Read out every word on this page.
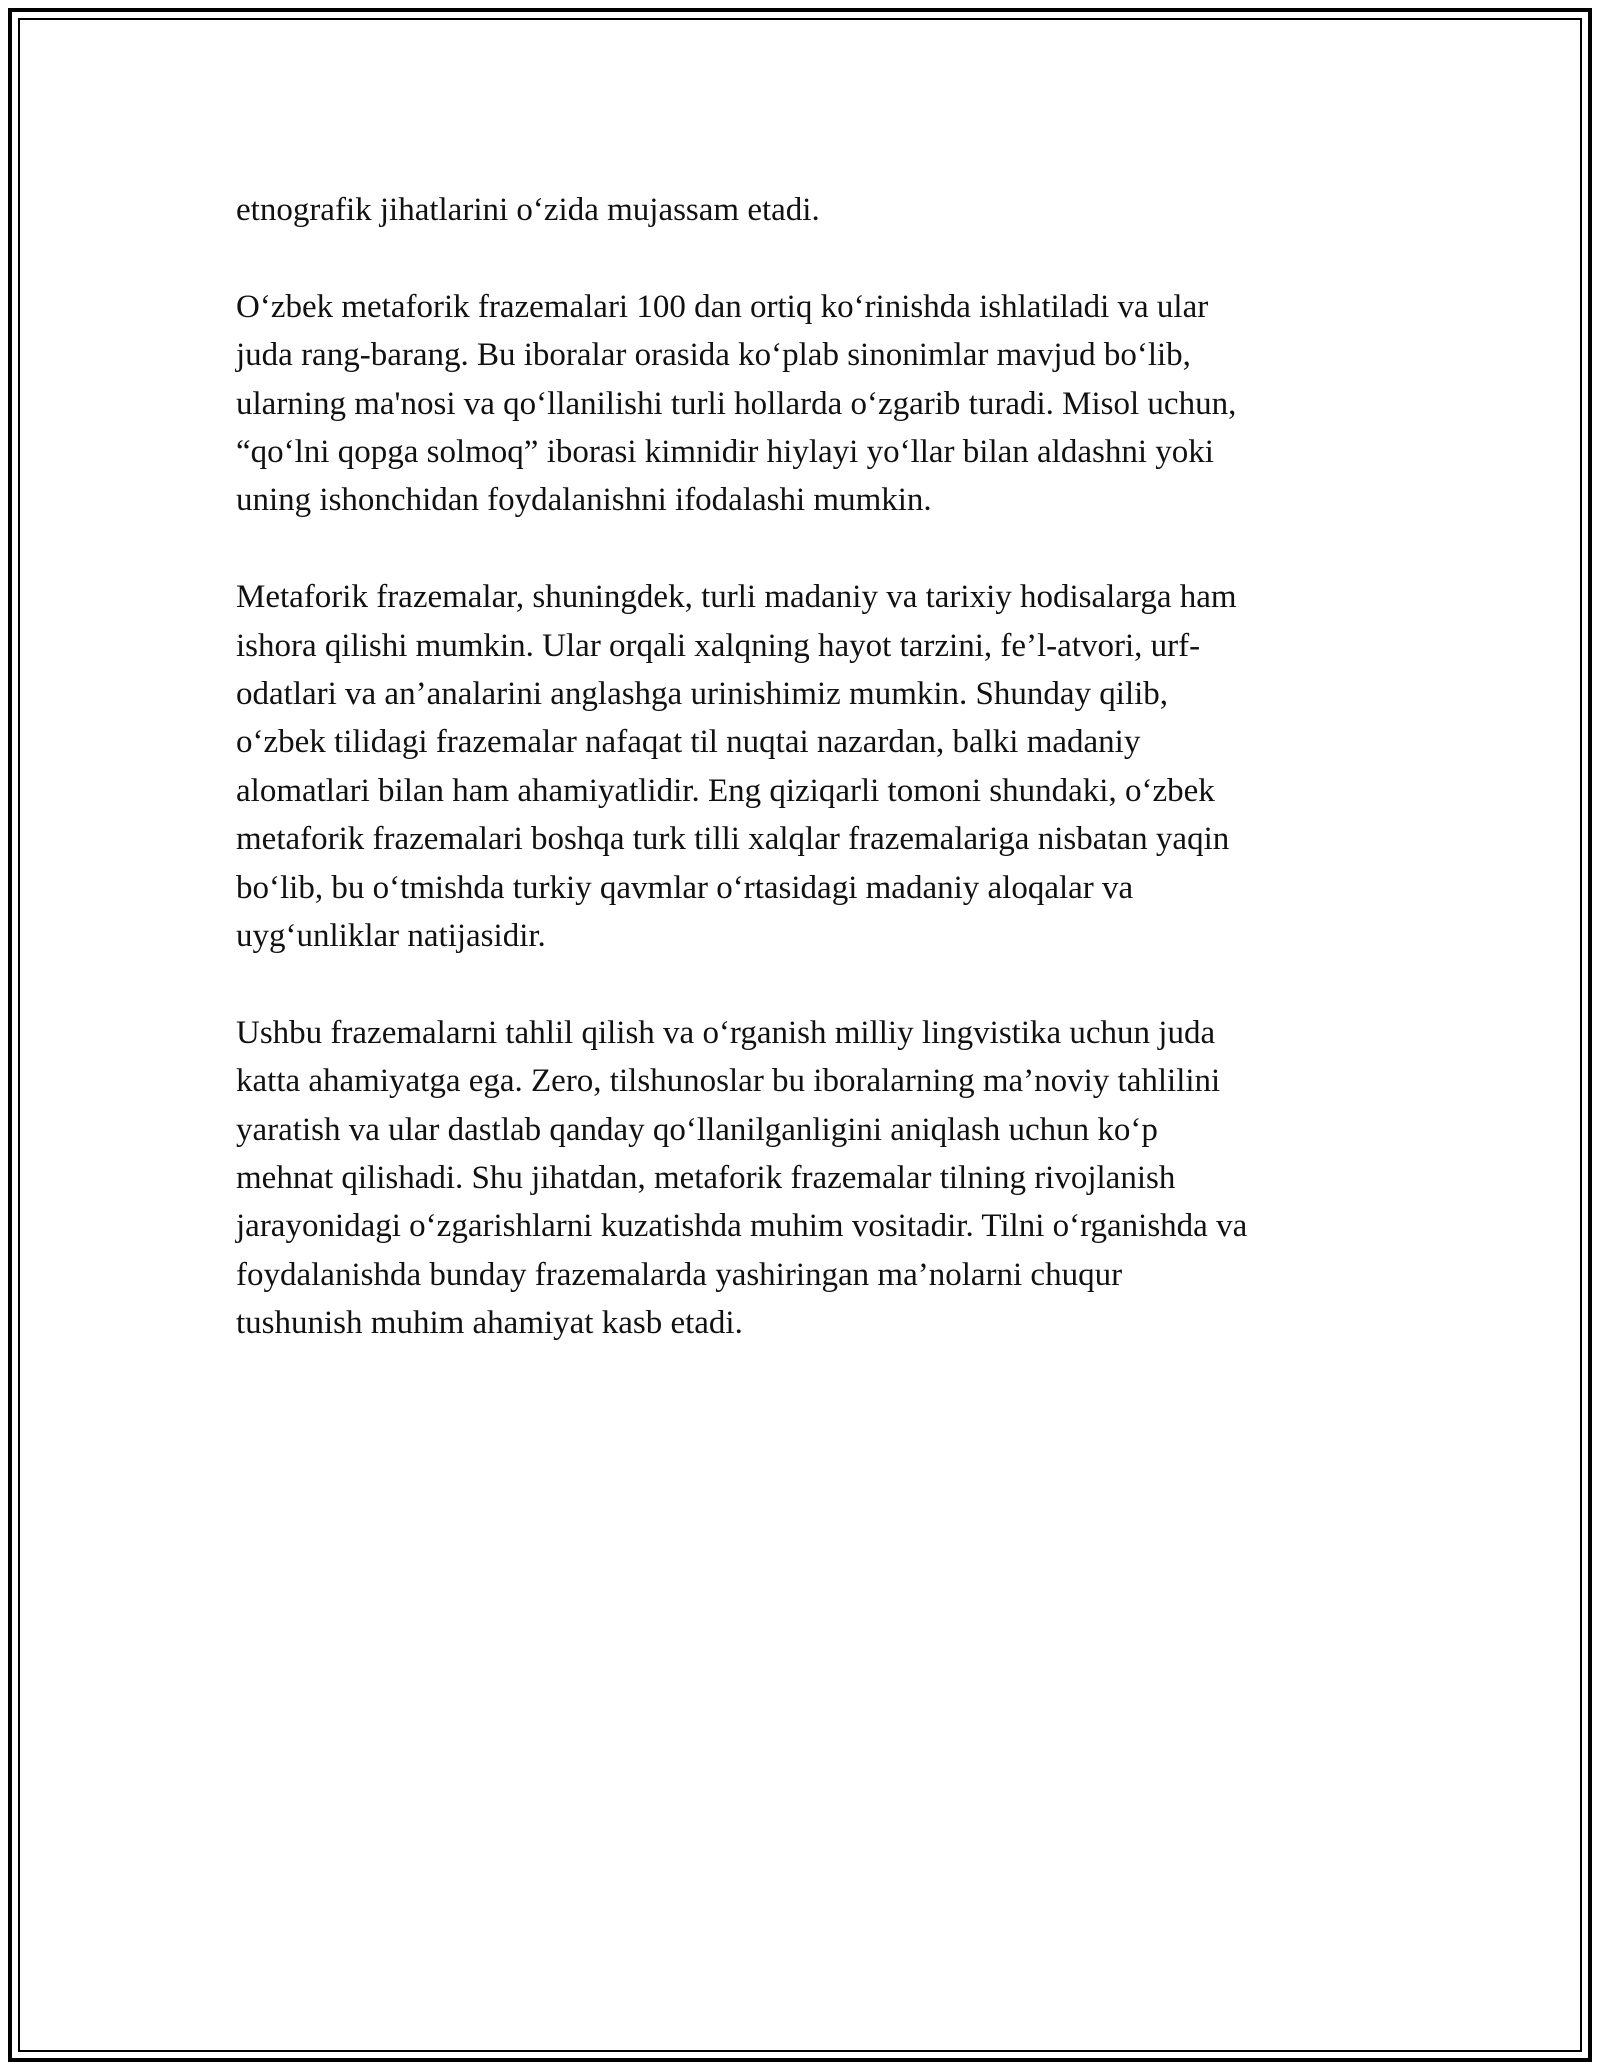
etnografik jihatlarini o‘zida mujassam etadi.

O‘zbek metaforik frazemalari 100 dan ortiq ko‘rinishda ishlatiladi va ular
juda rang-barang. Bu iboralar orasida ko‘plab sinonimlar mavjud bo‘lib,
ularning ma'nosi va qo‘llanilishi turli hollarda o‘zgarib turadi. Misol uchun,
“qo‘lni qopga solmoq” iborasi kimnidir hiylayi yo‘llar bilan aldashni yoki
uning ishonchidan foydalanishni ifodalashi mumkin.

Metaforik frazemalar, shuningdek, turli madaniy va tarixiy hodisalarga ham
ishora qilishi mumkin. Ular orqali xalqning hayot tarzini, fe’l-atvori, urf-
odatlari va an’analarini anglashga urinishimiz mumkin. Shunday qilib,
o‘zbek tilidagi frazemalar nafaqat til nuqtai nazardan, balki madaniy
alomatlari bilan ham ahamiyatlidir. Eng qiziqarli tomoni shundaki, o‘zbek
metaforik frazemalari boshqa turk tilli xalqlar frazemalariga nisbatan yaqin
bo‘lib, bu o‘tmishda turkiy qavmlar o‘rtasidagi madaniy aloqalar va
uyg‘unliklar natijasidir.

Ushbu frazemalarni tahlil qilish va o‘rganish milliy lingvistika uchun juda
katta ahamiyatga ega. Zero, tilshunoslar bu iboralarning ma’noviy tahlilini
yaratish va ular dastlab qanday qo‘llanilganligini aniqlash uchun ko‘p
mehnat qilishadi. Shu jihatdan, metaforik frazemalar tilning rivojlanish
jarayonidagi o‘zgarishlarni kuzatishda muhim vositadir. Tilni o‘rganishda va
foydalanishda bunday frazemalarda yashiringan ma’nolarni chuqur
tushunish muhim ahamiyat kasb etadi.
